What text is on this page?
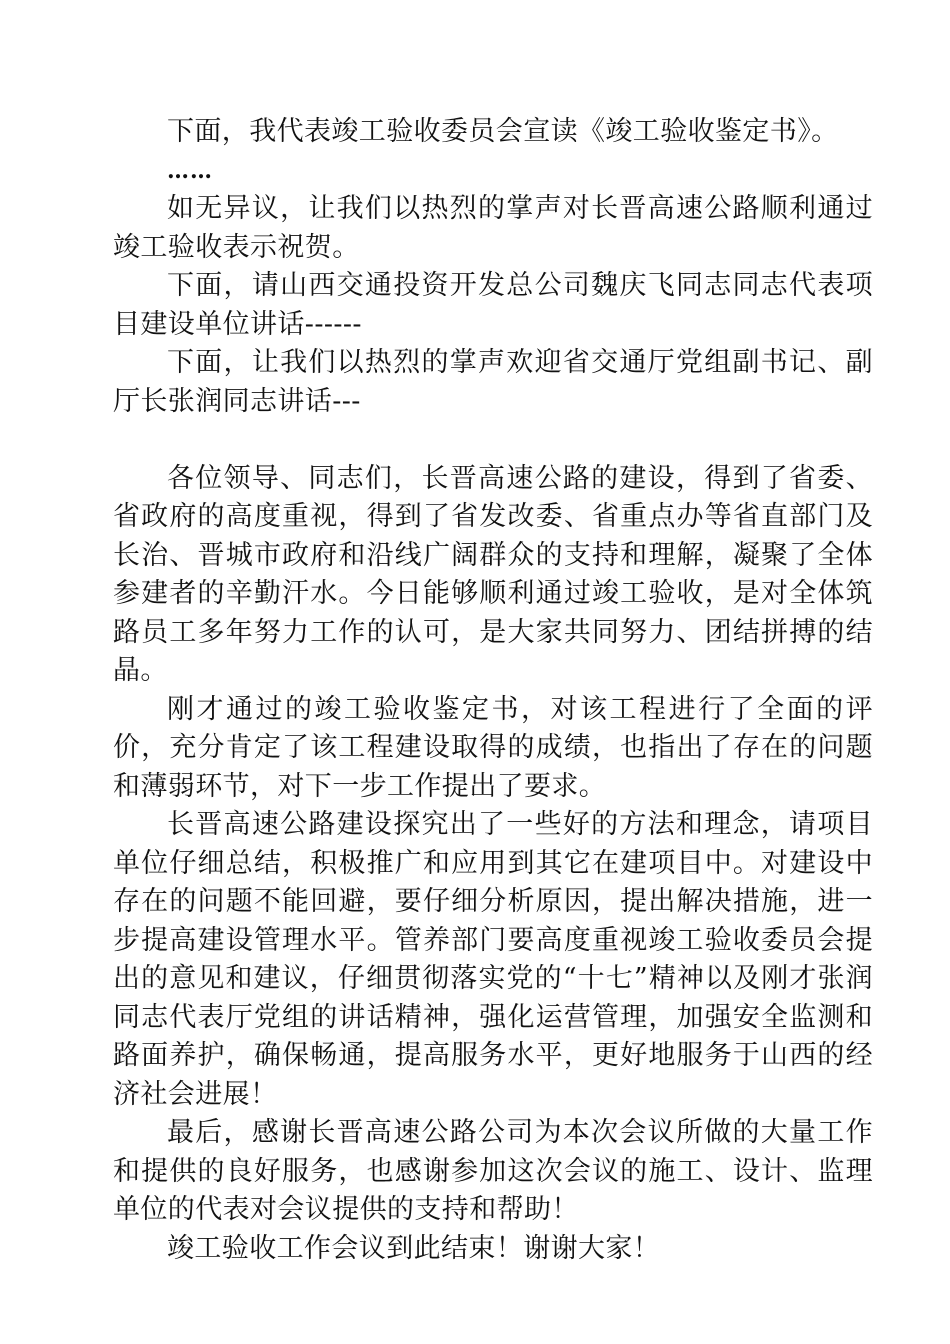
下面，我代表竣工验收委员会宣读《竣工验收鉴定书》。

……

如无异议，让我们以热烈的掌声对长晋高速公路顺利通过竣工验收表示祝贺。

下面，请山西交通投资开发总公司魏庆飞同志同志代表项目建设单位讲话------

下面，让我们以热烈的掌声欢迎省交通厅党组副书记、副厅长张润同志讲话---

各位领导、同志们，长晋高速公路的建设，得到了省委、省政府的高度重视，得到了省发改委、省重点办等省直部门及长治、晋城市政府和沿线广阔群众的支持和理解，凝聚了全体参建者的辛勤汗水。今日能够顺利通过竣工验收，是对全体筑路员工多年努力工作的认可，是大家共同努力、团结拼搏的结晶。

刚才通过的竣工验收鉴定书，对该工程进行了全面的评价，充分肯定了该工程建设取得的成绩，也指出了存在的问题和薄弱环节，对下一步工作提出了要求。

长晋高速公路建设探究出了一些好的方法和理念，请项目单位仔细总结，积极推广和应用到其它在建项目中。对建设中存在的问题不能回避，要仔细分析原因，提出解决措施，进一步提高建设管理水平。管养部门要高度重视竣工验收委员会提出的意见和建议，仔细贯彻落实党的“十七”精神以及刚才张润同志代表厅党组的讲话精神，强化运营管理，加强安全监测和路面养护，确保畅通，提高服务水平，更好地服务于山西的经济社会进展！

最后，感谢长晋高速公路公司为本次会议所做的大量工作和提供的良好服务，也感谢参加这次会议的施工、设计、监理单位的代表对会议提供的支持和帮助！

竣工验收工作会议到此结束！谢谢大家！
